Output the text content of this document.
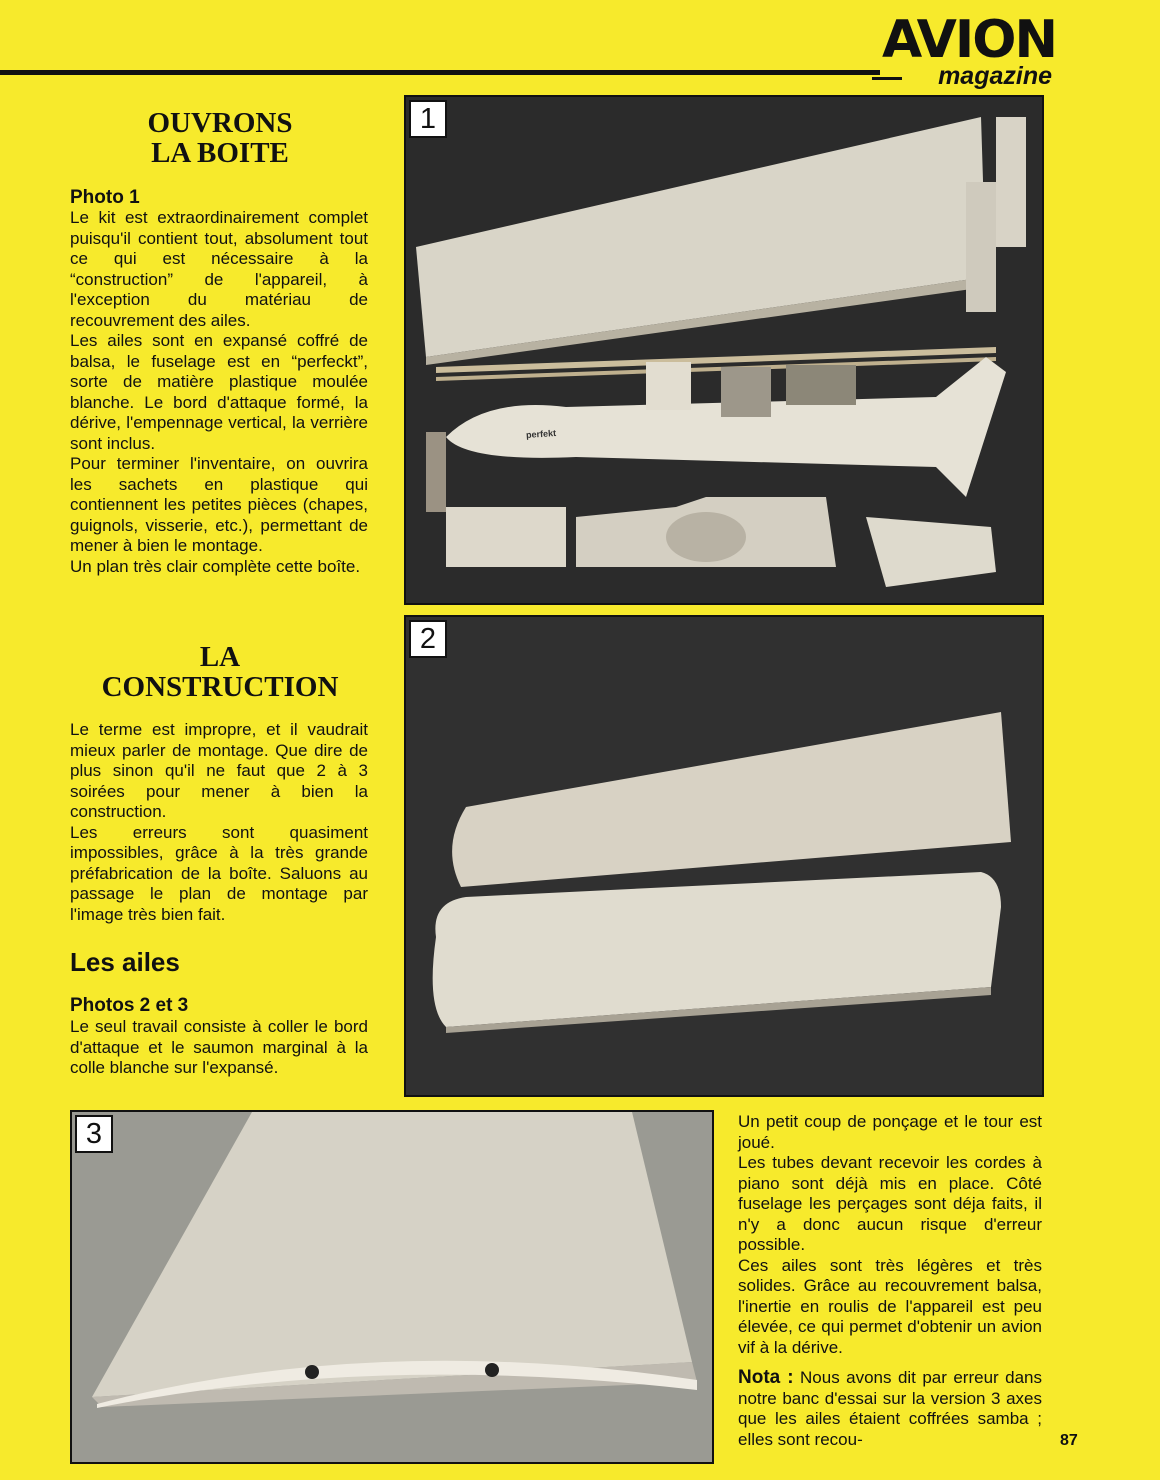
AVION
magazine
OUVRONS
LA BOITE
Photo 1

Le kit est extraordinairement complet puisqu'il contient tout, absolument tout ce qui est nécessaire à la “construction” de l'appareil, à l'exception du matériau de recouvrement des ailes.

Les ailes sont en expansé coffré de balsa, le fuselage est en “perfeckt”, sorte de matière plastique moulée blanche. Le bord d'attaque formé, la dérive, l'empennage vertical, la verrière sont inclus.

Pour terminer l'inventaire, on ouvrira les sachets en plastique qui contiennent les petites pièces (chapes, guignols, visserie, etc.), permettant de mener à bien le montage.

Un plan très clair complète cette boîte.

LA
CONSTRUCTION

Le terme est impropre, et il vaudrait mieux parler de montage. Que dire de plus sinon qu'il ne faut que 2 à 3 soirées pour mener à bien la construction.

Les erreurs sont quasiment impossibles, grâce à la très grande préfabrication de la boîte. Saluons au passage le plan de montage par l'image très bien fait.

Les ailes
Photos 2 et 3

Le seul travail consiste à coller le bord d'attaque et le saumon marginal à la colle blanche sur l'expansé.

1
perfekt
2
3	Un petit coup de ponçage et le tour est joué.

Les tubes devant recevoir les cordes à piano sont déjà mis en place. Côté fuselage les perçages sont déja faits, il n'y a donc aucun risque d'erreur possible.

Ces ailes sont très légères et très solides. Grâce au recouvrement balsa, l'inertie en roulis de l'appareil est peu élevée, ce qui permet d'obtenir un avion vif à la dérive.

Nota : Nous avons dit par erreur dans notre banc d'essai sur la version 3 axes que les ailes étaient coffrées samba ; elles sont recou-	87
